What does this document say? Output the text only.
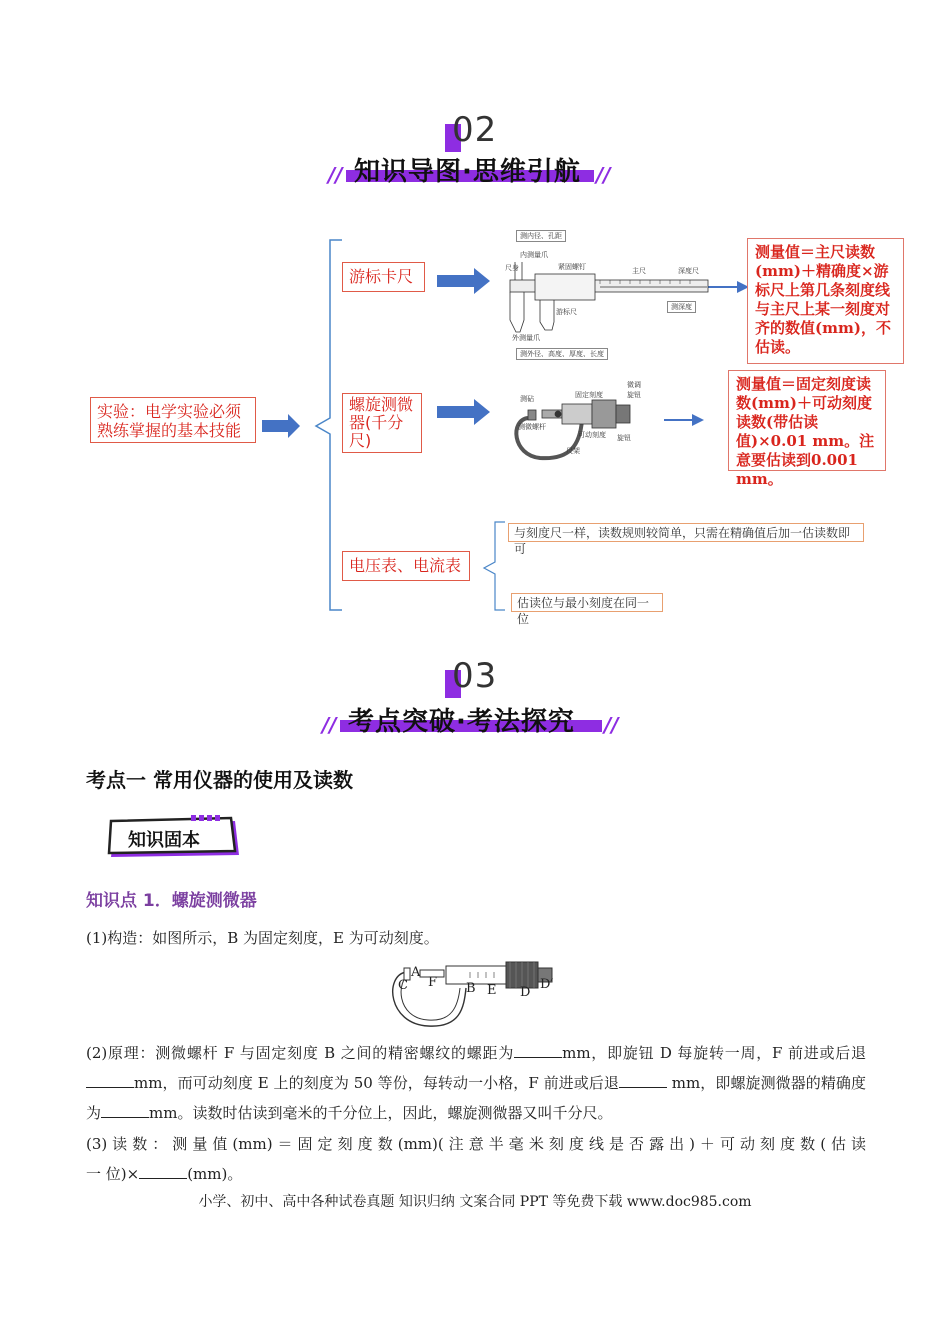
02
// 知识导图·思维引航 //
实验：电学实验必须熟练掌握的基本技能
游标卡尺
螺旋测微器(千分尺)
电压表、电流表
测量值＝主尺读数(mm)＋精确度×游标尺上第几条刻度线与主尺上某一刻度对齐的数值(mm)，不估读。
测量值＝固定刻度读数(mm)＋可动刻度读数(带估读值)×0.01 mm。注意要估读到0.001 mm。
与刻度尺一样，读数规则较简单，只需在精确值后加一估读数即可
估读位与最小刻度在同一位
测内径、孔距
内测量爪
尺身	紧固螺钉	主尺	深度尺
游标尺
测深度
外测量爪
测外径、高度、厚度、长度
测砧	固定刻度
微调
旋钮
测微螺杆
可动刻度 旋钮
尺架
03
// 考点突破·考法探究 //
考点一 常用仪器的使用及读数
知识固本
知识点 1．螺旋测微器
(1)构造：如图所示，B 为固定刻度，E 为可动刻度。
A
C F B E D
D′
(2)原理：测微螺杆 F 与固定刻度 B 之间的精密螺纹的螺距为	mm，即旋钮 D 每旋转一周，F 前进或后退mm，而可动刻度 E 上的刻度为 50 等份，每转动一小格，F 前进或后退	mm，即螺旋测微器的精确度为	mm。读数时估读到毫米的千分位上，因此，螺旋测微器又叫千分尺。
(3) 读 数 ： 测 量 值 (mm) ＝ 固 定 刻 度 数 (mm)( 注 意 半 毫 米 刻 度 线 是 否 露 出 ) ＋ 可 动 刻 度 数 ( 估 读 一 位)×	(mm)。
小学、初中、高中各种试卷真题 知识归纳 文案合同 PPT 等免费下载 www.doc985.com
